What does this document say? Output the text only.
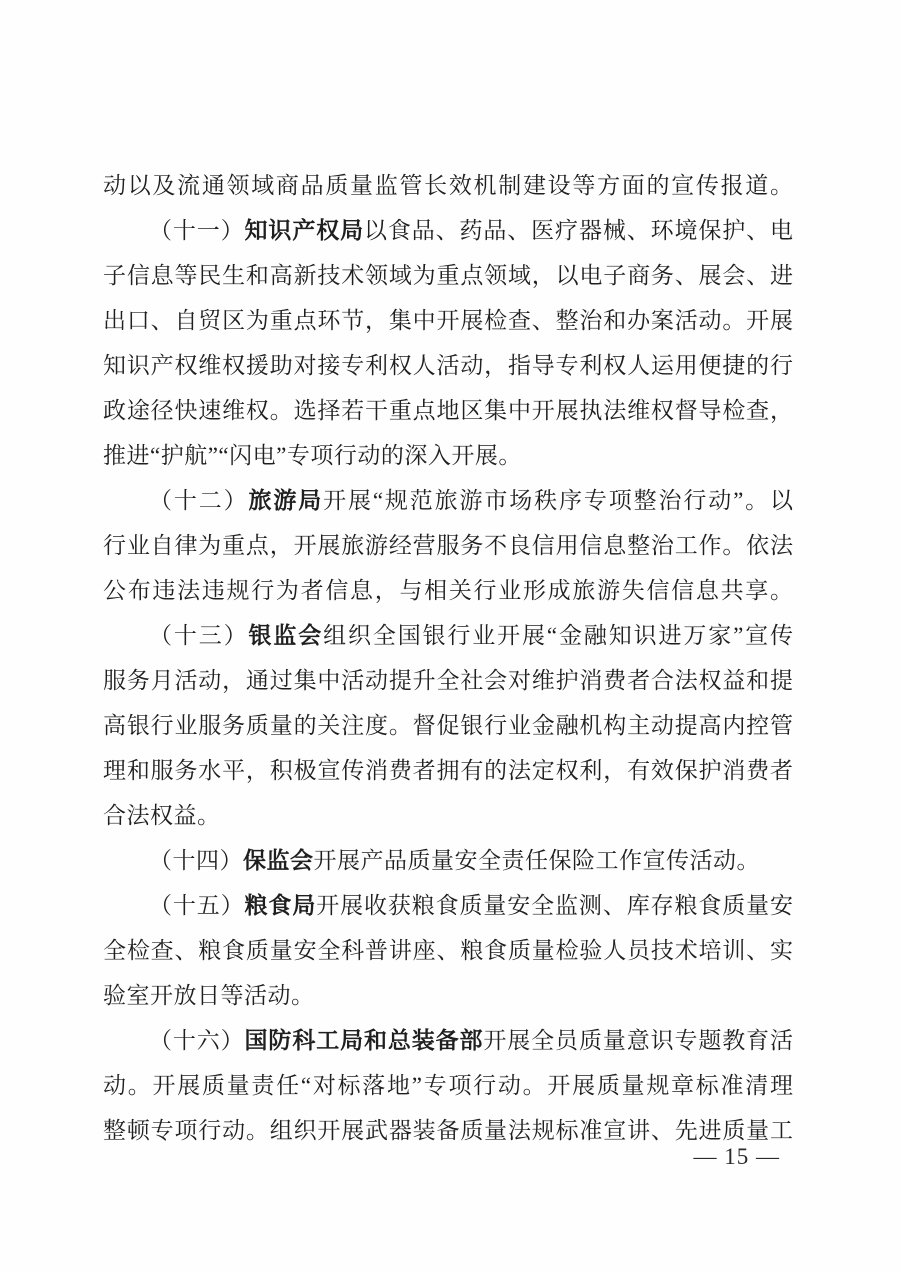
动以及流通领域商品质量监管长效机制建设等方面的宣传报道。
（十一）知识产权局以食品、药品、医疗器械、环境保护、电
子信息等民生和高新技术领域为重点领域，以电子商务、展会、进
出口、自贸区为重点环节，集中开展检查、整治和办案活动。开展
知识产权维权援助对接专利权人活动，指导专利权人运用便捷的行
政途径快速维权。选择若干重点地区集中开展执法维权督导检查，
推进“护航”“闪电”专项行动的深入开展。
（十二）旅游局开展“规范旅游市场秩序专项整治行动”。以
行业自律为重点，开展旅游经营服务不良信用信息整治工作。依法
公布违法违规行为者信息，与相关行业形成旅游失信信息共享。
（十三）银监会组织全国银行业开展“金融知识进万家”宣传
服务月活动，通过集中活动提升全社会对维护消费者合法权益和提
高银行业服务质量的关注度。督促银行业金融机构主动提高内控管
理和服务水平，积极宣传消费者拥有的法定权利，有效保护消费者
合法权益。
（十四）保监会开展产品质量安全责任保险工作宣传活动。
（十五）粮食局开展收获粮食质量安全监测、库存粮食质量安
全检查、粮食质量安全科普讲座、粮食质量检验人员技术培训、实
验室开放日等活动。
（十六）国防科工局和总装备部开展全员质量意识专题教育活
动。开展质量责任“对标落地”专项行动。开展质量规章标准清理
整顿专项行动。组织开展武器装备质量法规标准宣讲、先进质量工
— 15 —
